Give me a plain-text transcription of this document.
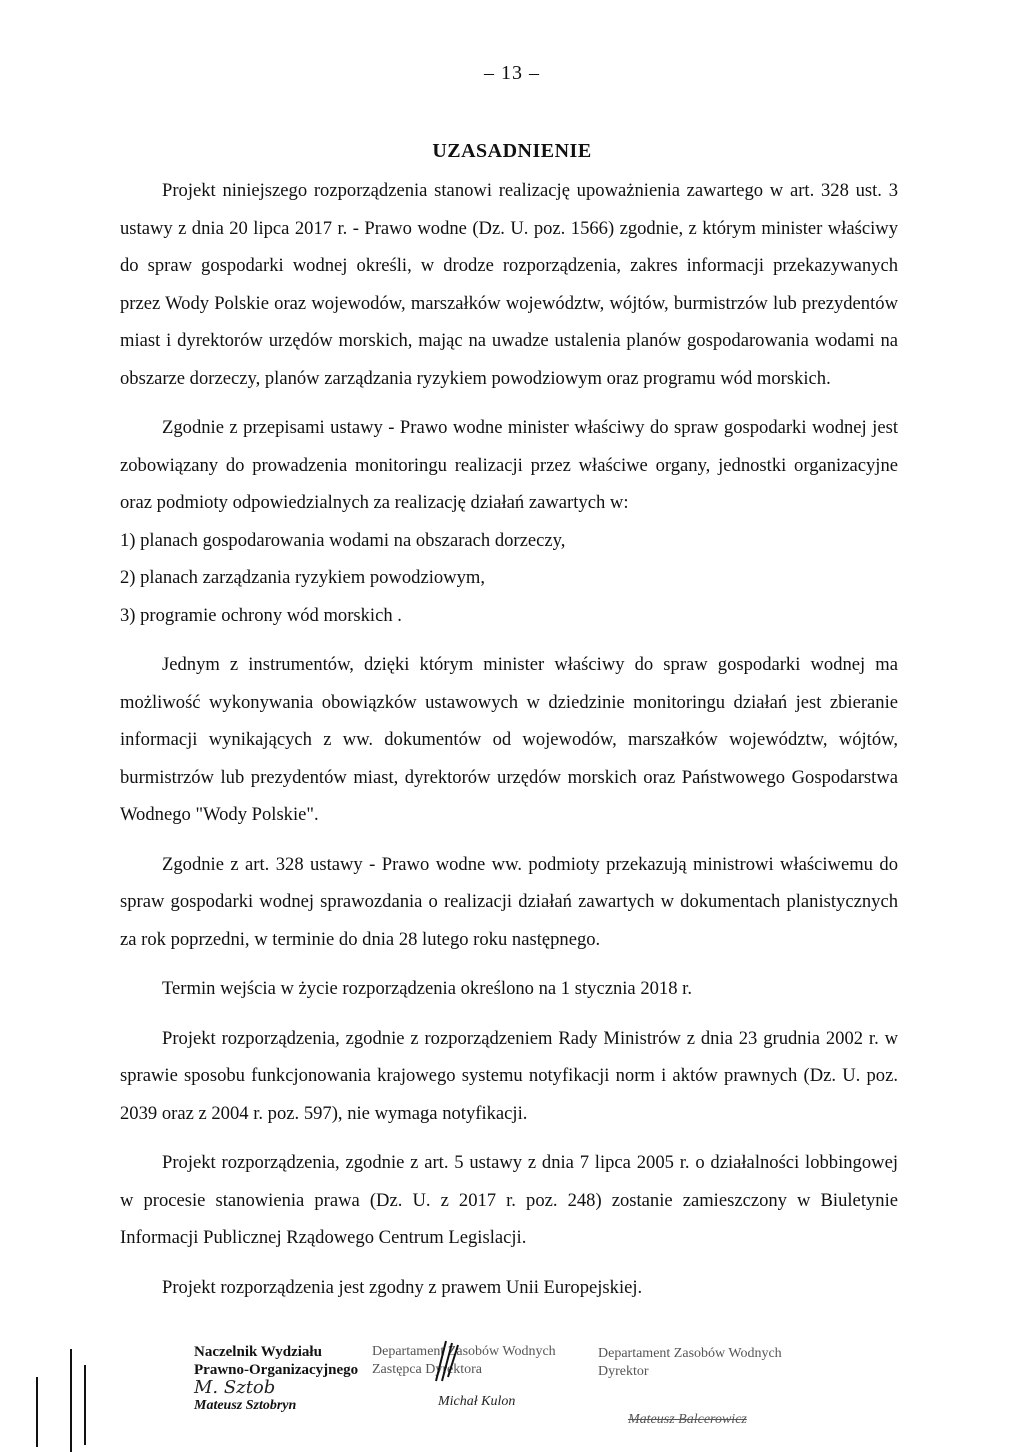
– 13 –
UZASADNIENIE

Projekt niniejszego rozporządzenia stanowi realizację upoważnienia zawartego w art. 328 ust. 3 ustawy z dnia 20 lipca 2017 r. - Prawo wodne (Dz. U. poz. 1566) zgodnie, z którym minister właściwy do spraw gospodarki wodnej określi, w drodze rozporządzenia, zakres informacji przekazywanych przez Wody Polskie oraz wojewodów, marszałków województw, wójtów, burmistrzów lub prezydentów miast i dyrektorów urzędów morskich, mając na uwadze ustalenia planów gospodarowania wodami na obszarze dorzeczy, planów zarządzania ryzykiem powodziowym oraz programu wód morskich.

Zgodnie z przepisami ustawy - Prawo wodne minister właściwy do spraw gospodarki wodnej jest zobowiązany do prowadzenia monitoringu realizacji przez właściwe organy, jednostki organizacyjne oraz podmioty odpowiedzialnych za realizację działań zawartych w:

1) planach gospodarowania wodami na obszarach dorzeczy,
2) planach zarządzania ryzykiem powodziowym,
3) programie ochrony wód morskich .

Jednym z instrumentów, dzięki którym minister właściwy do spraw gospodarki wodnej ma możliwość wykonywania obowiązków ustawowych w dziedzinie monitoringu działań jest zbieranie informacji wynikających z ww. dokumentów od wojewodów, marszałków województw, wójtów, burmistrzów lub prezydentów miast, dyrektorów urzędów morskich oraz Państwowego Gospodarstwa Wodnego "Wody Polskie".

Zgodnie z art. 328 ustawy - Prawo wodne ww. podmioty przekazują ministrowi właściwemu do spraw gospodarki wodnej sprawozdania o realizacji działań zawartych w dokumentach planistycznych za rok poprzedni, w terminie do dnia 28 lutego roku następnego.

Termin wejścia w życie rozporządzenia określono na 1 stycznia 2018 r.

Projekt rozporządzenia, zgodnie z rozporządzeniem Rady Ministrów z dnia 23 grudnia 2002 r. w sprawie sposobu funkcjonowania krajowego systemu notyfikacji norm i aktów prawnych (Dz. U. poz. 2039 oraz z 2004 r. poz. 597), nie wymaga notyfikacji.

Projekt rozporządzenia, zgodnie z art. 5 ustawy z dnia 7 lipca 2005 r. o działalności lobbingowej w procesie stanowienia prawa (Dz. U. z 2017 r. poz. 248) zostanie zamieszczony w Biuletynie Informacji Publicznej Rządowego Centrum Legislacji.

Projekt rozporządzenia jest zgodny z prawem Unii Europejskiej.

Naczelnik Wydziału
Prawno-Organizacyjnego
M. Sztob
Mateusz Sztobryn
Departament Zasobów Wodnych
Zastępca Dyrektora
Michał Kulon
Departament Zasobów Wodnych
Dyrektor
Mateusz Balcerowicz
